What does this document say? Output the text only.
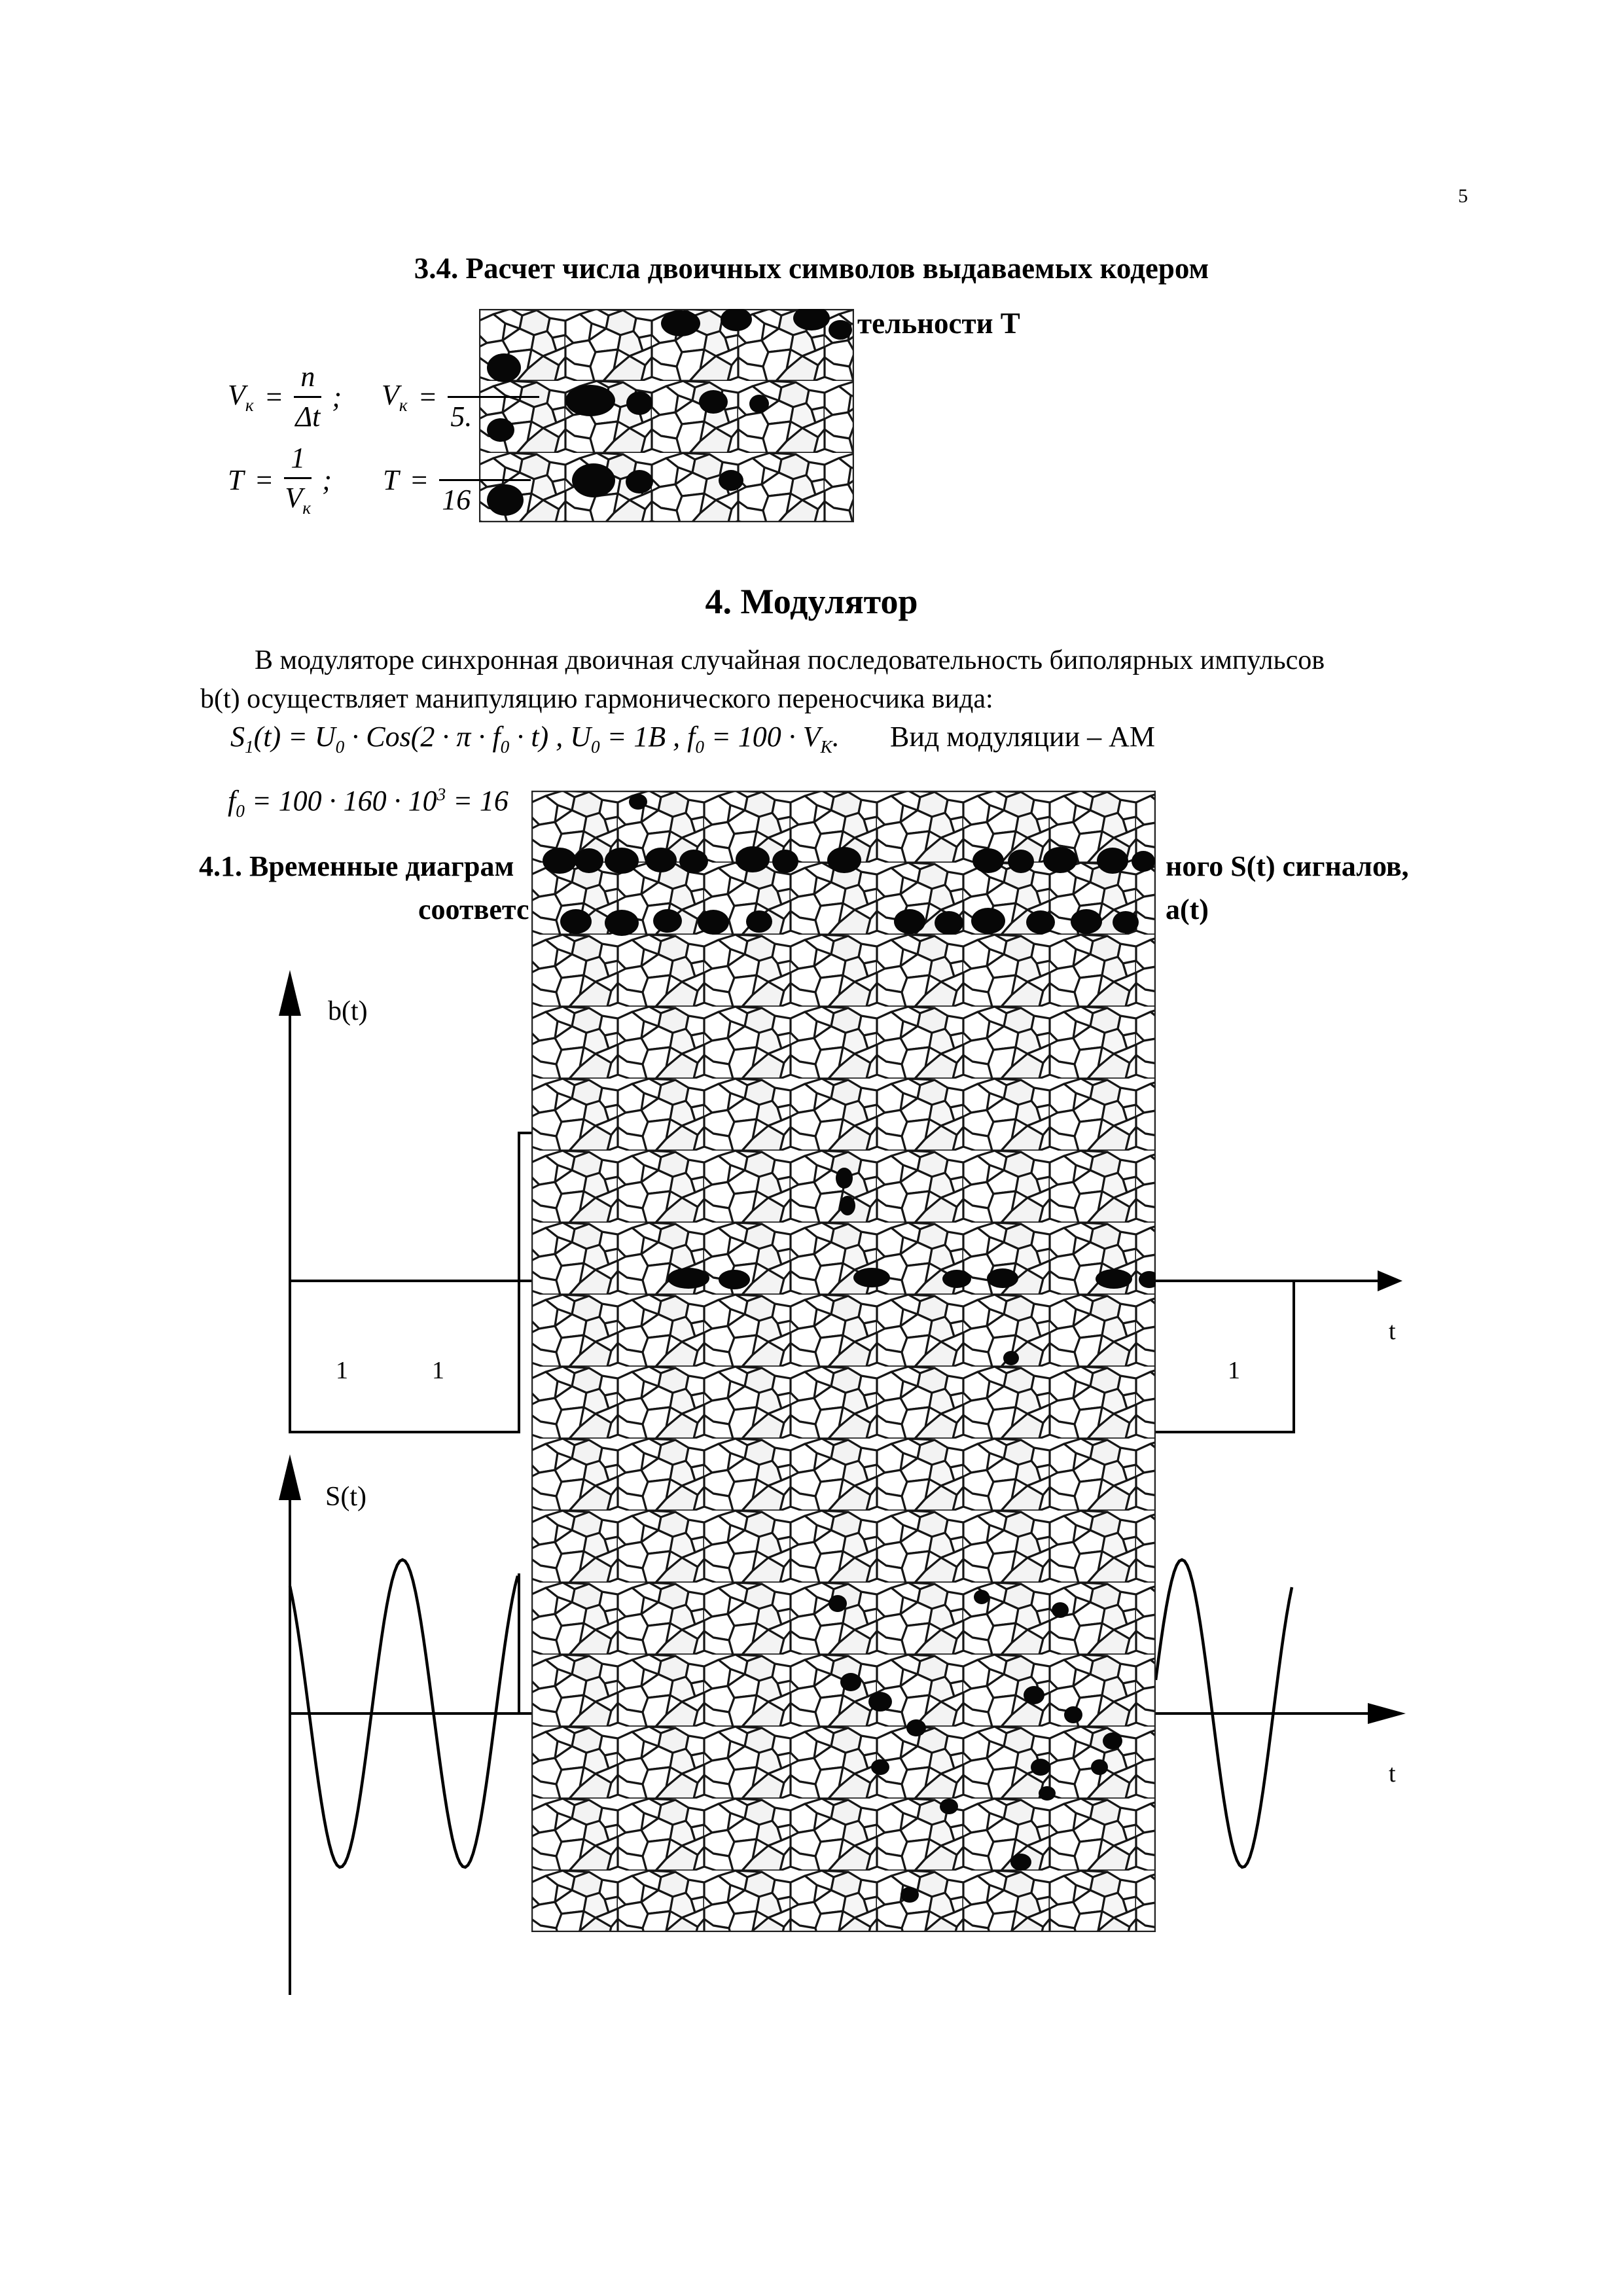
5
3.4. Расчет числа двоичных символов выдаваемых кодером
тельности Т
$V_к = \frac{n}{\Delta t}$ ; $V_к$ =

5.
$T = \frac{1}{V_к}$ ; T =

16
4. Модулятор
В модуляторе синхронная двоичная случайная последовательность биполярных импульсов
b(t) осуществляет манипуляцию гармонического переносчика вида:
$S_1(t) = U_0 \cdot Cos(2 \cdot \pi \cdot f_0 \cdot t)$ , $U_0 = 1В$ , $f_0 = 100 \cdot V_К$. Вид модуляции – АМ
$f_0 = 100 \cdot 160 \cdot 10^3 = 16$
4.1. Временные диаграм	ного S(t) сигналов,
соответс	a(t)
b(t)
t
1	1	1
S(t)
t
